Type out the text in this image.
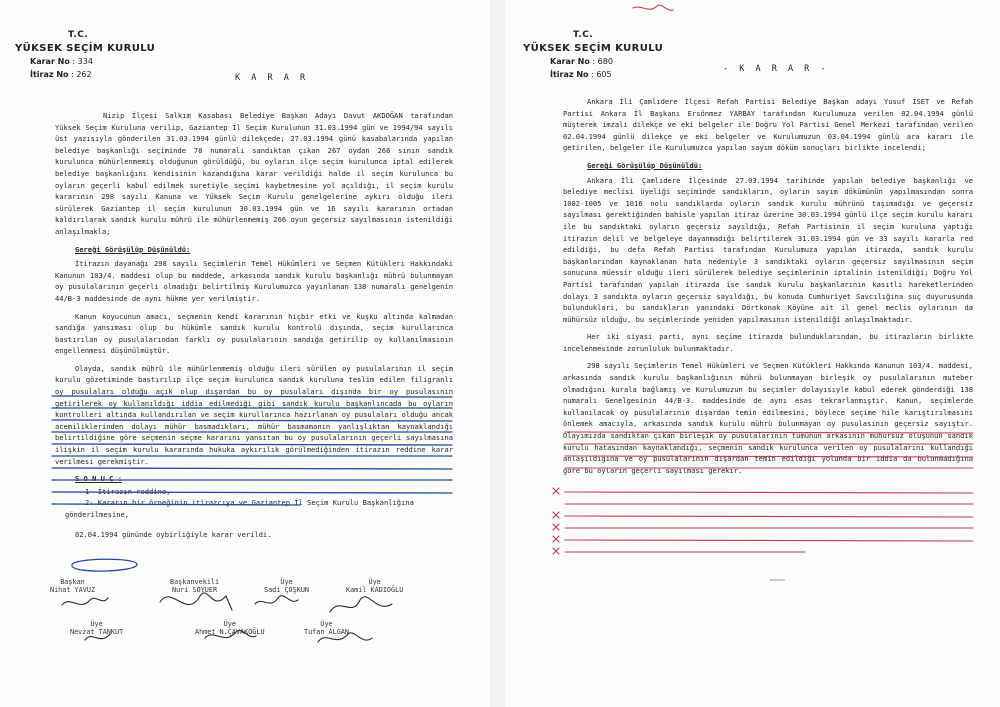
T.C.
YÜKSEK SEÇİM KURULU
Karar No : 334
İtiraz No : 262	K A R A R

Nizip İlçesi Salkım Kasabası Belediye Başkan Adayı Davut AKDOĞAN tarafından Yüksek Seçim Kuruluna verilip, Gaziantep İl Seçim Kurulunun 31.03.1994 gün ve 1994/94 sayılı üst yazısıyla gönderilen 31.03.1994 günlü dilekçede; 27.03.1994 günü kasabalarında yapılan belediye başkanlığı seçiminde 78 numaralı sandıktan çıkan 267 oydan 266 sının sandık kurulunca mühürlenmemiş olduğunun görüldüğü, bu oyların ilçe seçim kurulunca iptal edilerek belediye başkanlığını kendisinin kazandığına karar verildiği halde il seçim kurulunca bu oyların geçerli kabul edilmek suretiyle seçimi kaybetmesine yol açıldığı, il seçim kurulu kararının 298 sayılı Kanuna ve Yüksek Seçim Kurulu genelgelerine aykırı olduğu ileri sürülerek Gaziantep il seçim kurulunun 30.03.1994 gün ve 16 sayılı kararının ortadan kaldırılarak sandık kurulu mührü ile mühürlenmemiş 266 oyun geçersiz sayılmasının istenildiği anlaşılmakla;

Gereği Görüşülüp Düşünüldü:

İtirazın dayanağı 298 sayılı Seçimlerin Temel Hükümleri ve Seçmen Kütükleri Hakkındaki Kanunun 103/4. maddesi olup bu maddede, arkasında sandık kurulu başkanlığı mührü bulunmayan oy pusulalarının geçerli olmadığı belirtilmiş Kurulumuzca yayınlanan 138 numaralı genelgenin 44/B-3 maddesinde de aynı hükme yer verilmiştir.

Kanun koyucunun amacı, seçmenin kendi kararının hiçbir etki ve kuşku altında kalmadan sandığa yansıması olup bu hükümle sandık kurulu kontrolü dışında, seçim kurullarınca bastırılan oy pusulalarından farklı oy pusulalarının sandığa getirilip oy kullanılmasının engellenmesi düşünülmüştür.

Olayda, sandık mührü ile mühürlenmemiş olduğu ileri sürülen oy pusulalarının il seçim kurulu gözetiminde bastırılıp ilçe seçim kurulunca sandık kuruluna teslim edilen filigranlı oy pusulaları olduğu açık olup dışardan bu oy pusulaları dışında bir oy pusulasının getirilerek oy kullanıldığı iddia edilmediği gibi sandık kurulu başkanlıncada bu oyların kontrolleri altında kullandırılan ve seçim kurullarınca hazırlanan oy pusulaları olduğu ancak acemiliklerinden dolayı mühür basmadıkları, mühür basmamanın yanlışlıktan kaynaklandığı belirtildiğine göre seçmenin seçme kararını yansıtan bu oy pusulalarının geçerli sayılmasına ilişkin il seçim kurulu kararında hukuka aykırılık görülmediğinden itirazın reddine karar verilmesi gerekmiştir.

S O N U Ç :

1- İtirazın reddine,
2- Kararın bir örneğinin itirazcıya ve Gaziantep İl Seçim Kurulu Başkanlığına gönderilmesine,

02.04.1994 gününde oybirliğiyle karar verildi.

Başkan
Nihat YAVUZ
Başkanvekili
Nuri SOYUER
Üye
Sadi ÇOŞKUN
Üye
Kamil KADIOĞLU
Üye
Nevzat TANKUT
Üye
Ahmet N.ÇAVAKOĞLU
Üye
Tufan ALGAN
T.C.
YÜKSEK SEÇİM KURULU
Karar No : 680
İtiraz No : 605
- K A R A R -

Ankara İli Çamlıdere İlçesi Refah Partisi Belediye Başkan adayı Yusuf İSET ve Refah Partisi Ankara İl Başkanı Ersönmez YARBAY tarafından Kurulumuza verilen 02.04.1994 günlü müşterek imzalı dilekçe ve eki belgeler ile Doğru Yol Partisi Genel Merkezi tarafından verilen 02.04.1994 günlü dilekçe ve eki belgeler ve Kurulumuzun 03.04.1994 günlü ara kararı ile getirilen, belgeler ile Kurulumuzca yapılan sayım döküm sonuçları birlikte incelendi;

Gereği Görüşülüp Düşünüldü:

Ankara İli Çamlıdere İlçesinde 27.03.1994 tarihinde yapılan belediye başkanlığı ve belediye meclisi üyeliği seçiminde sandıkların, oyların sayım dökümünün yapılmasından sonra 1002-1005 ve 1016 nolu sandıklarda oyların sandık kurulu mührünü taşımadığı ve geçersiz sayılması gerektiğinden bahisle yapılan itiraz üzerine 30.03.1994 günlü ilçe seçim kurulu kararı ile bu sandıktaki oyların geçersiz sayıldığı, Refah Partisinin il seçim kuruluna yaptığı itirazın delil ve belgeleye dayanmadığı belirtilerek 31.03.1994 gün ve 33 sayılı kararla red edildiği, bu defa Refah Partisi tarafından Kurulumuza yapılan itirazda, sandık kurulu başkanlarından kaynaklanan hata nedeniyle 3 sandıktaki oyların geçersiz sayılmasının seçim sonucuna müessir olduğu ileri sürülerek belediye seçimlerinin iptalinin istenildiği; Doğru Yol Partisi tarafından yapılan itirazda ise sandık kurulu başkanlarının kasıtlı hareketlerinden dolayı 3 sandıkta oyların geçersiz sayıldığı, bu konuda Cumhuriyet Savcılığına suç duyurusunda bulunduklari, bu sandıkların yanındaki Dörtkonak Köyüne ait il genel meclis oylarının da mühürsüz olduğu, bu seçimlerinde yeniden yapılmasının istenildiği anlaşılmaktadır.

Her iki siyasi parti, aynı seçime itirazda bulunduklarından, bu itirazların birlikte incelenmesinde zorunluluk bulunmaktadır.

298 sayılı Seçimlerin Temel Hükümleri ve Seçmen Kütükleri Hakkında Kanunun 103/4. maddesi, arkasında sandık kurulu başkanlığının mührü bulunmayan birleşik oy pusulalarının muteber olmadığını kurala bağlamış ve Kurulumuzun bu seçimler dolayısıyle kabul ederek gönderdiği 138 numaralı Genelgesinin 44/B-3. maddesinde de aynı esas tekrarlanmıştır. Kanun, seçimlerde kullanılacak oy pusulalarının dışardan temin edilmesini, böylece seçime hile karıştırılmasını önlemek amacıyla, arkasında sandık kurulu mührü bulunmayan oy pusulasının geçersiz sayıştır. Olayımızda sandıktan çıkan birleşik oy pusulalarının tümünün arkasının mühürsüz oluşunun sandık kurulu hatasından kaynaklandığı, seçmenin sandık kurulunca verilen oy pusulalarını kullandığı anlaşıldığına ve oy pusulalarının dışardan temin edildiği yolunda bir iddia da bulunmadığına göre bu oyların geçerli sayılması gerekir.
